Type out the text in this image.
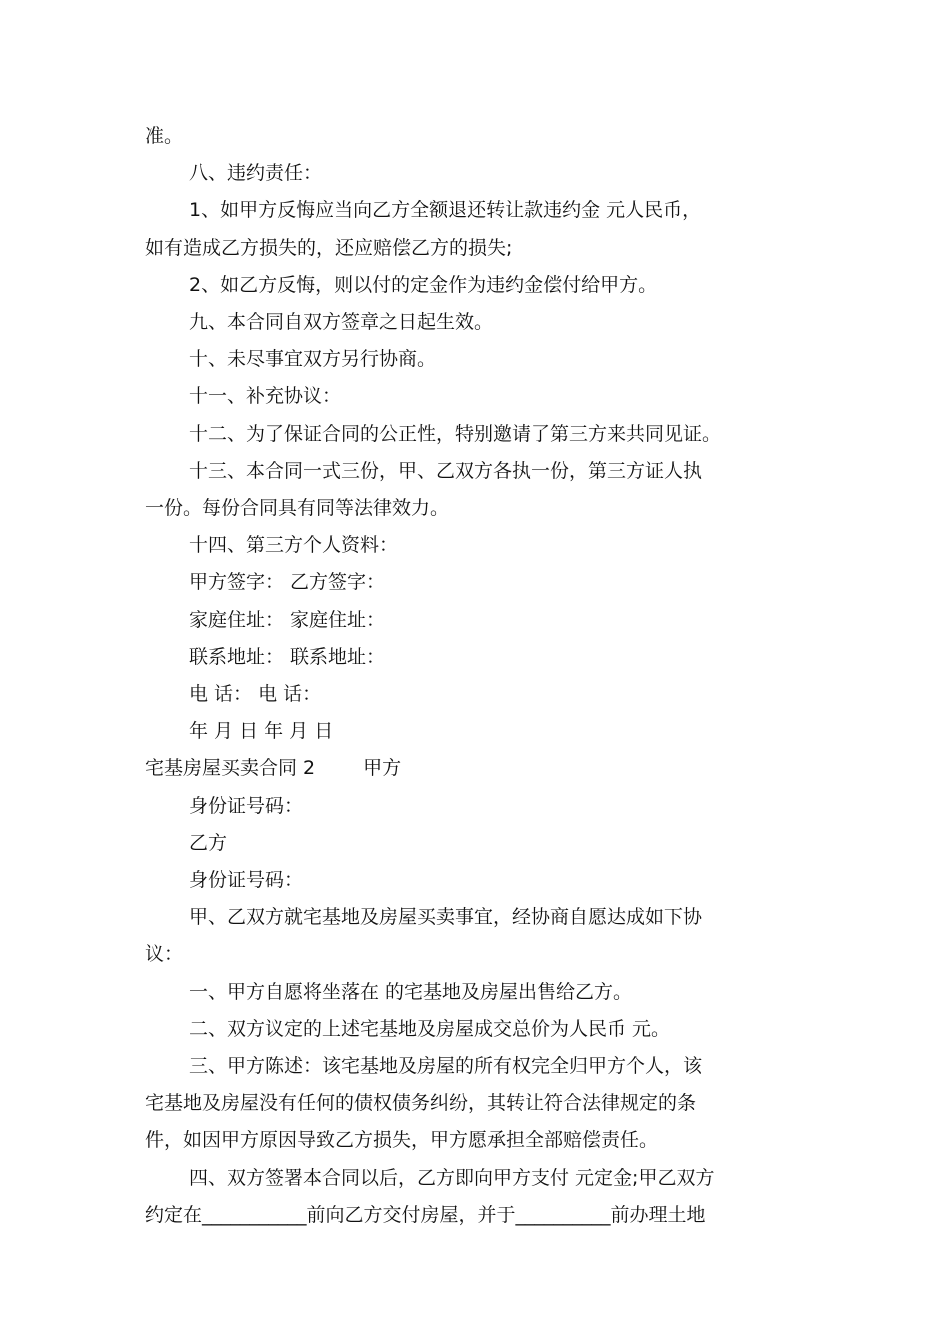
准。

八、违约责任：

1、如甲方反悔应当向乙方全额退还转让款违约金 元人民币，

如有造成乙方损失的，还应赔偿乙方的损失;

2、如乙方反悔，则以付的定金作为违约金偿付给甲方。

九、本合同自双方签章之日起生效。

十、未尽事宜双方另行协商。

十一、补充协议：

十二、为了保证合同的公正性，特别邀请了第三方来共同见证。

十三、本合同一式三份，甲、乙双方各执一份，第三方证人执

一份。每份合同具有同等法律效力。

十四、第三方个人资料：

甲方签字： 乙方签字：

家庭住址： 家庭住址：

联系地址： 联系地址：

电 话： 电 话：

年 月 日 年 月 日

宅基房屋买卖合同 2	甲方

身份证号码：

乙方

身份证号码：

甲、乙双方就宅基地及房屋买卖事宜，经协商自愿达成如下协

议：

一、甲方自愿将坐落在 的宅基地及房屋出售给乙方。

二、双方议定的上述宅基地及房屋成交总价为人民币 元。

三、甲方陈述：该宅基地及房屋的所有权完全归甲方个人，该

宅基地及房屋没有任何的债权债务纠纷，其转让符合法律规定的条

件，如因甲方原因导致乙方损失，甲方愿承担全部赔偿责任。

四、双方签署本合同以后，乙方即向甲方支付 元定金;甲乙双方

约定在___________前向乙方交付房屋，并于__________前办理土地
